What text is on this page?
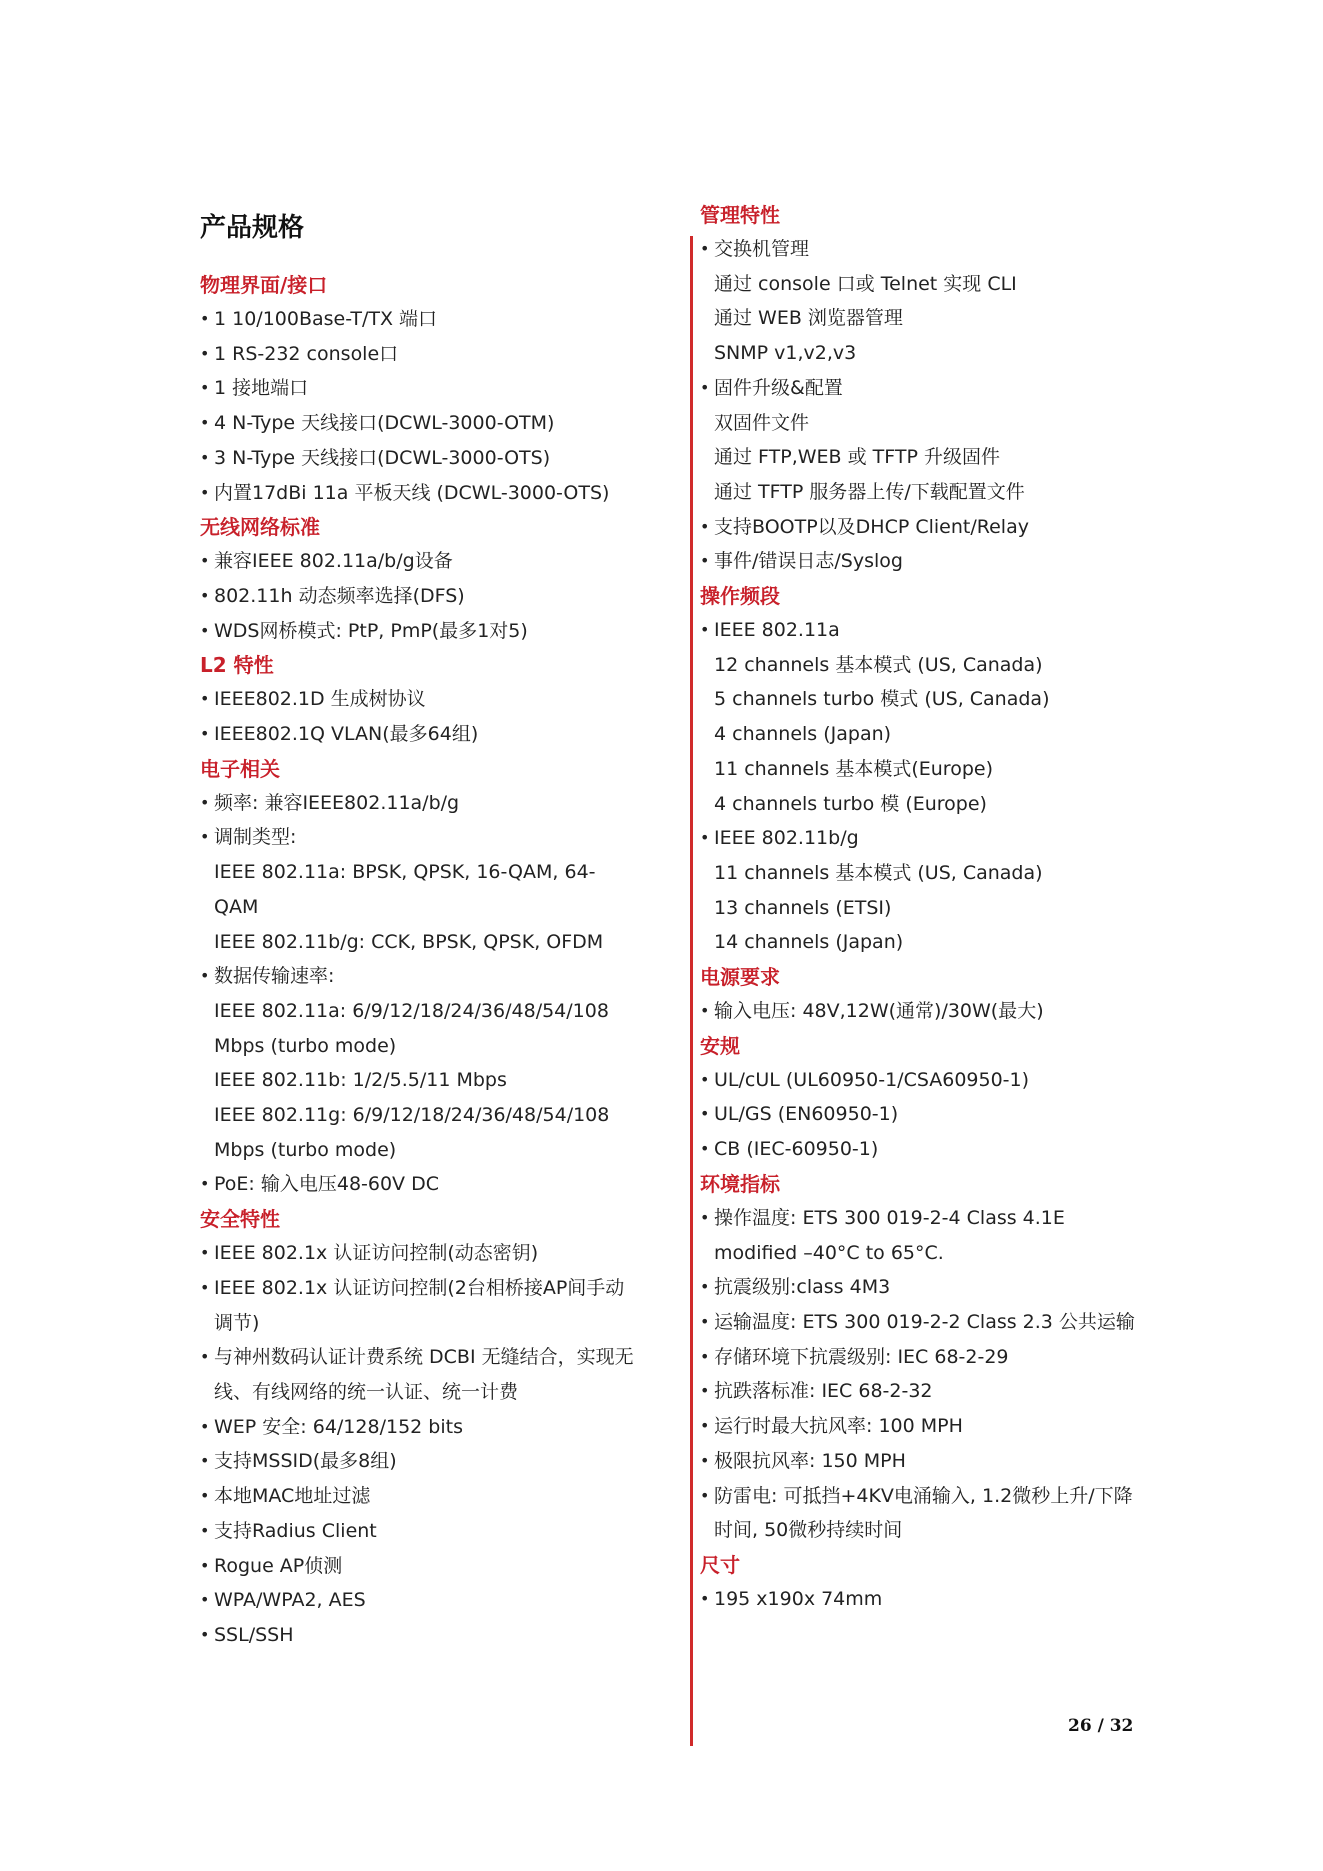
产品规格
物理界面/接口
• 1 10/100Base-T/TX 端口
• 1 RS-232 console口
• 1 接地端口
• 4 N-Type 天线接口(DCWL-3000-OTM)
• 3 N-Type 天线接口(DCWL-3000-OTS)
• 内置17dBi 11a 平板天线 (DCWL-3000-OTS)
无线网络标准
• 兼容IEEE 802.11a/b/g设备
• 802.11h 动态频率选择(DFS)
• WDS网桥模式: PtP, PmP(最多1对5)
L2 特性
• IEEE802.1D 生成树协议
• IEEE802.1Q VLAN(最多64组)
电子相关
• 频率: 兼容IEEE802.11a/b/g
• 调制类型:
IEEE 802.11a: BPSK, QPSK, 16-QAM, 64-QAM
IEEE 802.11b/g: CCK, BPSK, QPSK, OFDM
• 数据传输速率:
IEEE 802.11a: 6/9/12/18/24/36/48/54/108 Mbps (turbo mode)
IEEE 802.11b: 1/2/5.5/11 Mbps
IEEE 802.11g: 6/9/12/18/24/36/48/54/108 Mbps (turbo mode)
• PoE: 输入电压48-60V DC
安全特性
• IEEE 802.1x 认证访问控制(动态密钥)
• IEEE 802.1x 认证访问控制(2台相桥接AP间手动调节)
• 与神州数码认证计费系统 DCBI 无缝结合，实现无线、有线网络的统一认证、统一计费
• WEP 安全: 64/128/152 bits
• 支持MSSID(最多8组)
• 本地MAC地址过滤
• 支持Radius Client
• Rogue AP侦测
• WPA/WPA2, AES
• SSL/SSH
管理特性
• 交换机管理
通过 console 口或 Telnet 实现 CLI
通过 WEB 浏览器管理
SNMP v1,v2,v3
• 固件升级&配置
双固件文件
通过 FTP,WEB 或 TFTP 升级固件
通过 TFTP 服务器上传/下载配置文件
• 支持BOOTP以及DHCP Client/Relay
• 事件/错误日志/Syslog
操作频段
• IEEE 802.11a
12 channels 基本模式 (US, Canada)
5 channels turbo 模式 (US, Canada)
4 channels (Japan)
11 channels 基本模式(Europe)
4 channels turbo 模 (Europe)
• IEEE 802.11b/g
11 channels 基本模式 (US, Canada)
13 channels (ETSI)
14 channels (Japan)
电源要求
• 输入电压: 48V,12W(通常)/30W(最大)
安规
• UL/cUL (UL60950-1/CSA60950-1)
• UL/GS (EN60950-1)
• CB (IEC-60950-1)
环境指标
• 操作温度: ETS 300 019-2-4 Class 4.1E modified –40°C to 65°C.
• 抗震级别:class 4M3
• 运输温度: ETS 300 019-2-2 Class 2.3 公共运输
• 存储环境下抗震级别: IEC 68-2-29
• 抗跌落标准: IEC 68-2-32
• 运行时最大抗风率: 100 MPH
• 极限抗风率: 150 MPH
• 防雷电: 可抵挡+4KV电涌输入, 1.2微秒上升/下降时间, 50微秒持续时间
尺寸
• 195 x190x 74mm
26 / 32
